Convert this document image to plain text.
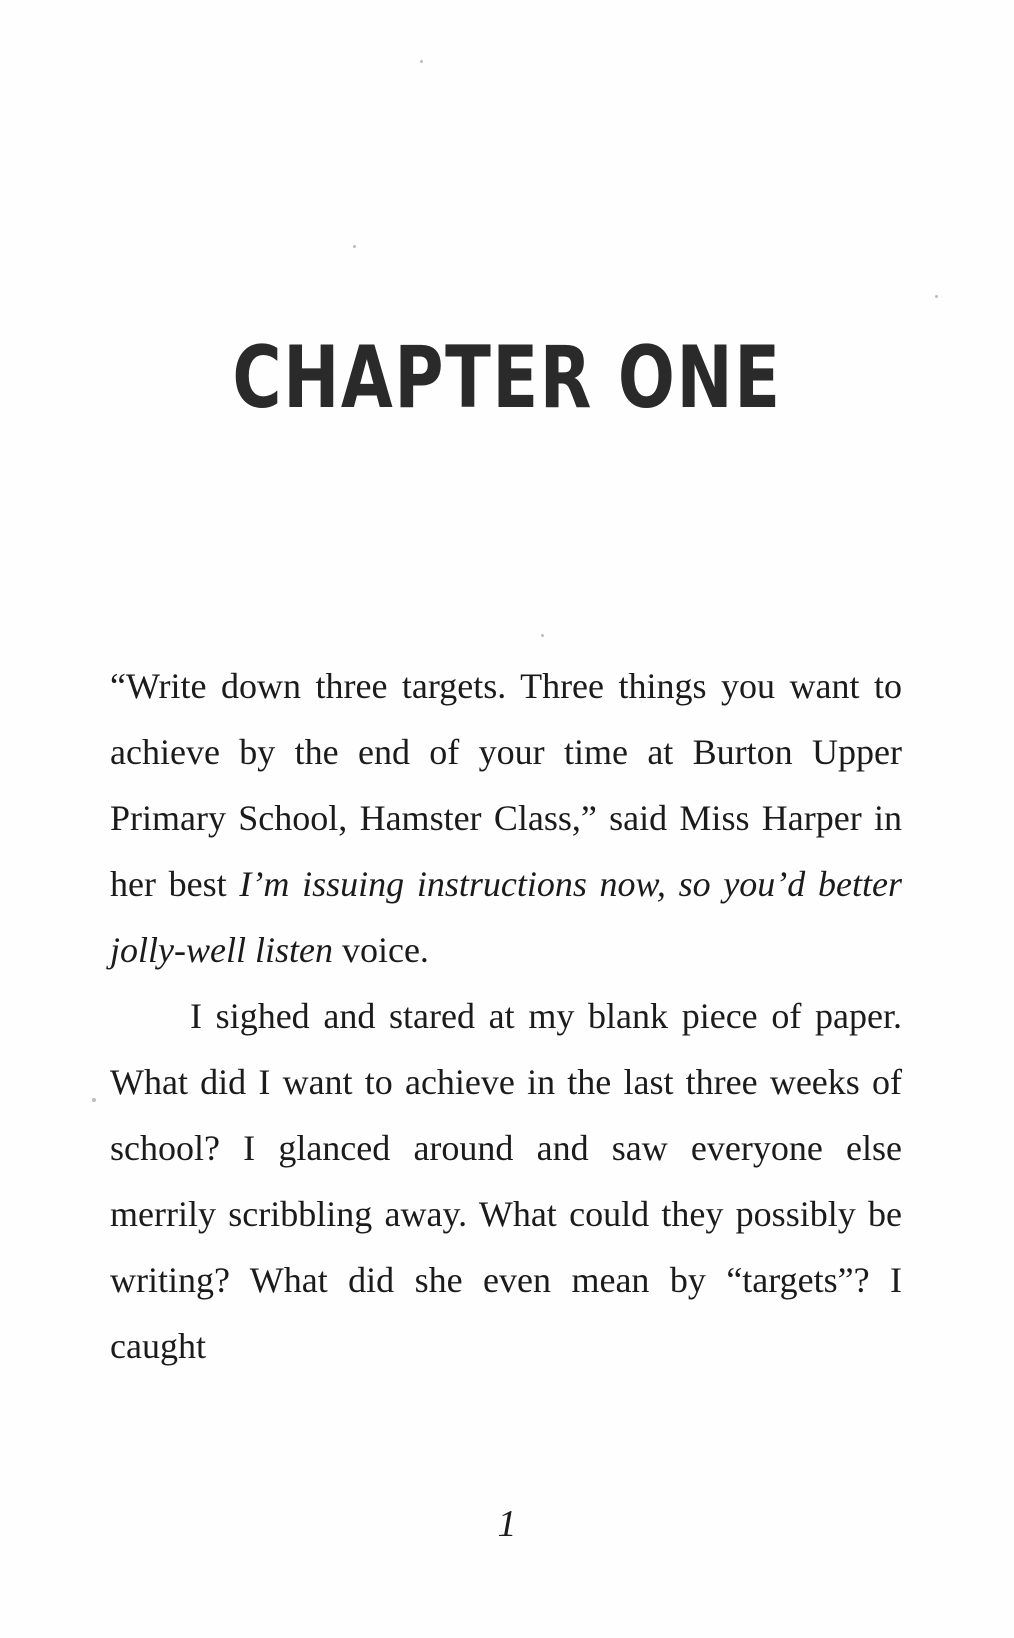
CHAPTER ONE

“Write down three targets. Three things you want to achieve by the end of your time at Burton Upper Primary School, Hamster Class,” said Miss Harper in her best I’m issuing instructions now, so you’d better jolly-well listen voice.

I sighed and stared at my blank piece of paper. What did I want to achieve in the last three weeks of school? I glanced around and saw everyone else merrily scribbling away. What could they possibly be writing? What did she even mean by “targets”? I caught

1
